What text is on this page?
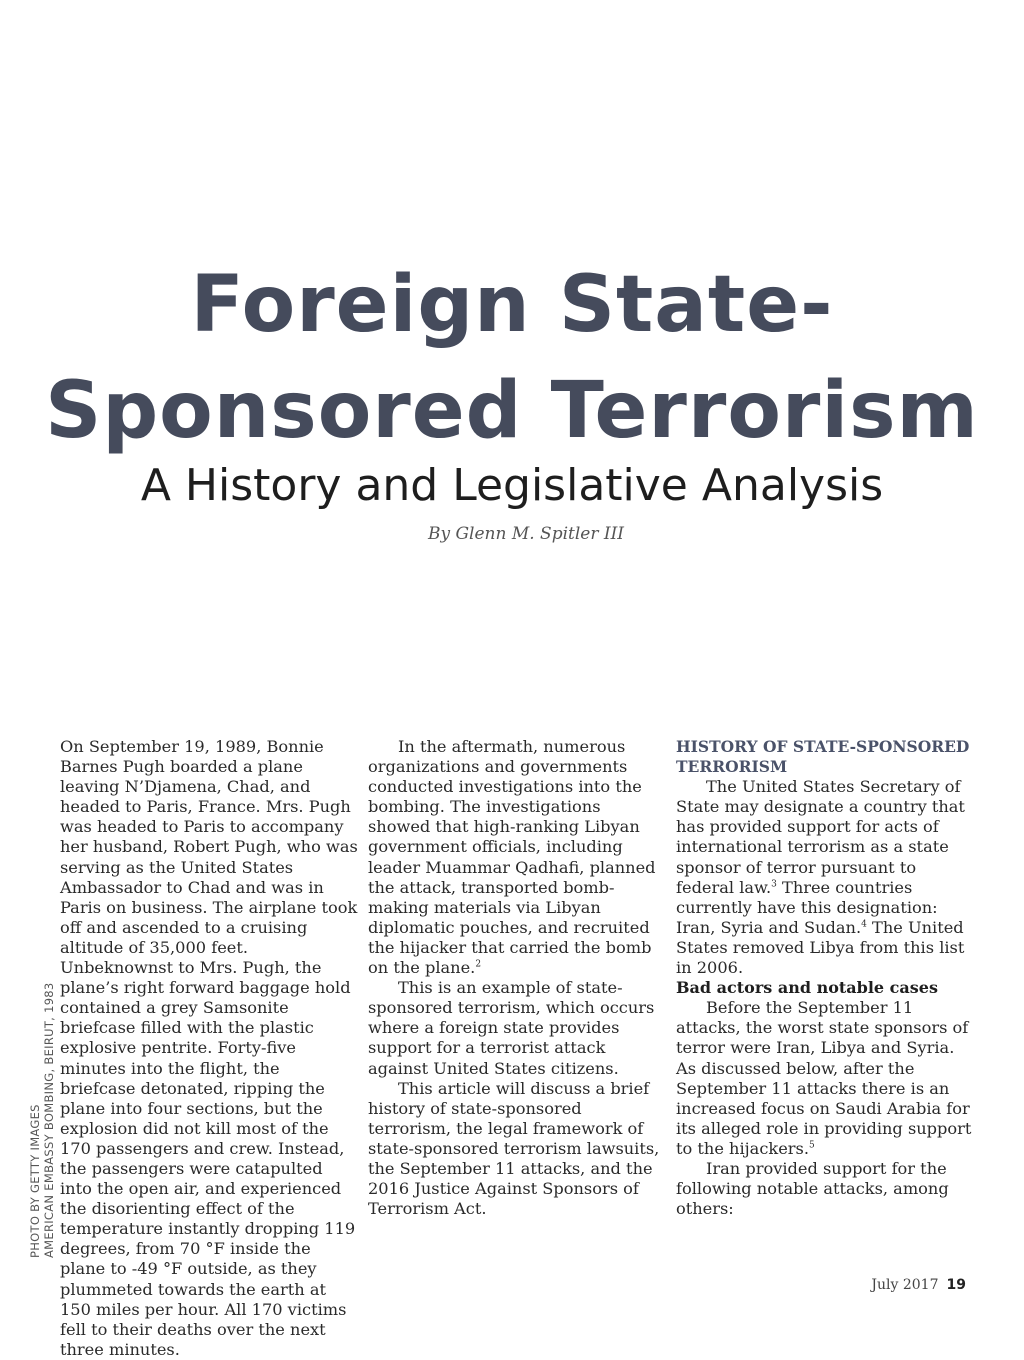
Foreign State-
Sponsored Terrorism
A History and Legislative Analysis
By Glenn M. Spitler III
PHOTO BY GETTY IMAGES AMERICAN EMBASSY BOMBING, BEIRUT, 1983

On September 19, 1989, Bonnie Barnes Pugh boarded a plane leaving N’Djamena, Chad, and headed to Paris, France. Mrs. Pugh was headed to Paris to accompany her husband, Robert Pugh, who was serving as the United States Ambassador to Chad and was in Paris on business. The airplane took off and ascended to a cruising altitude of 35,000 feet. Unbeknownst to Mrs. Pugh, the plane’s right forward baggage hold contained a grey Samsonite briefcase filled with the plastic explosive pentrite. Forty-five minutes into the flight, the briefcase detonated, ripping the plane into four sections, but the explosion did not kill most of the 170 passengers and crew. Instead, the passengers were catapulted into the open air, and experienced the disorienting effect of the temperature instantly dropping 119 degrees, from 70 °F inside the plane to -49 °F outside, as they plummeted towards the earth at 150 miles per hour. All 170 victims fell to their deaths over the next three minutes.

In the aftermath, numerous organizations and governments conducted investigations into the bombing. The investigations showed that high-ranking Libyan government officials, including leader Muammar Qadhafi, planned the attack, transported bomb-making materials via Libyan diplomatic pouches, and recruited the hijacker that carried the bomb on the plane.$^2$

This is an example of state-sponsored terrorism, which occurs where a foreign state provides support for a terrorist attack against United States citizens.

This article will discuss a brief history of state-sponsored terrorism, the legal framework of state-sponsored terrorism lawsuits, the September 11 attacks, and the 2016 Justice Against Sponsors of Terrorism Act.

HISTORY OF STATE-SPONSORED TERRORISM

The United States Secretary of State may designate a country that has provided support for acts of international terrorism as a state sponsor of terror pursuant to federal law.$^3$ Three countries currently have this designation: Iran, Syria and Sudan.$^4$ The United States removed Libya from this list in 2006.

Bad actors and notable cases

Before the September 11 attacks, the worst state sponsors of terror were Iran, Libya and Syria. As discussed below, after the September 11 attacks there is an increased focus on Saudi Arabia for its alleged role in providing support to the hijackers.$^5$

Iran provided support for the following notable attacks, among others:

July 2017 19
